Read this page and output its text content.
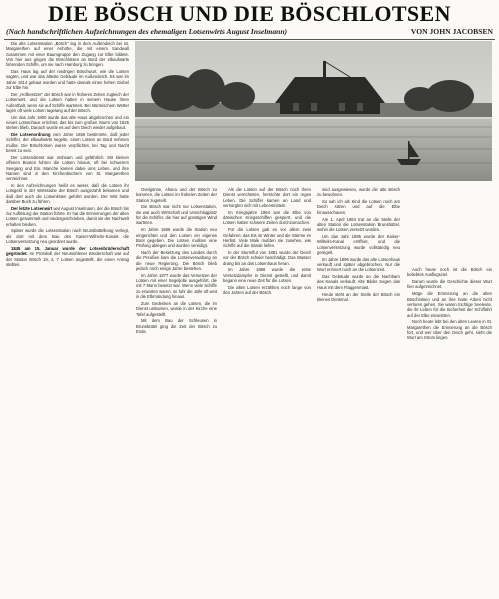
DIE BÖSCH UND DIE BÖSCHLOTSEN
(Nach handschriftlichen Aufzeichnungen des ehemaligen Lotsenwirts August Inselmann)	VON JOHN JACOBSEN

Die alte Lotsenstation „Bösch" lag in dem Außendeich bei St. Margarethen auf einer Anhöhe, die mit einem Sandwall zusammen mit einer Baumgruppe den Zugang zur Elbe bildete. Von hier aus gingen die Böschlotsen an Bord der elbaufwärts fahrenden Schiffe, um sie nach Hamburg zu bringen.

Das Haus lag auf der niedrigen Böschwurt, wie die Lotsen sagten, und war das älteste Gebäude im Außendeich. Es war im Jahre 1614 gebaut worden und hatte damals einen hohen Giebel zur Elbe hin.

Der „Hofbesitzer" der Bösch war in früheren Zeiten zugleich der Lotsenwirt, und die Lotsen hatten in seinem Hause ihren Aufenthalt, wenn sie auf Schiffe warteten. Bei stürmischem Wetter lagen oft viele Lotsen tagelang auf der Bösch.

Um das Jahr 1800 wurde das alte Haus abgebrochen und ein neues Lotsenhaus errichtet, das bis zum großen Sturm von 1825 stehen blieb. Danach wurde es auf dem Deich wieder aufgebaut.

Die Lotsenordnung vom Jahre 1656 bestimmte, daß jeder Schiffer, der elbaufwärts segelte, einen Lotsen an Bord nehmen mußte. Die Böschlotsen waren verpflichtet, bei Tag und Nacht bereit zu sein.

Der Lotsendienst war mühsam und gefährlich. Mit kleinen offenen Booten fuhren die Lotsen hinaus, oft bei schwerem Seegang und Eis. Manche kamen dabei ums Leben, und ihre Namen sind in den Kirchenbüchern von St. Margarethen verzeichnet.

In den Aufzeichnungen heißt es weiter, daß die Lotsen ihr Lotsgeld in der Wirtsstube der Bösch ausgezahlt bekamen und daß dort auch die Lotsenlisten geführt wurden. Der Wirt hatte darüber Buch zu führen.

Der letzte Lotsenwirt war August Inselmann, der die Bösch bis zur Auflösung der Station führte. Er hat die Erinnerungen der alten Lotsen gesammelt und niedergeschrieben, damit sie der Nachwelt erhalten bleiben.

Später wurde die Lotsenstation nach Brunsbüttelkoog verlegt, als dort mit dem Bau des Kaiser-Wilhelm-Kanals die Lotsenversetzung neu geordnet wurde.

1845 am 15. Januar wurde der Lotsenbrüderschaft gegründet. Im Protokoll der Neumühlener Brüderschaft war auf der Station Bösch 19, 4, 7 Lotsen angestellt, die einen Antrag stellten.

Ovelgönne, Altona und der Bösch zu kommen, die Lotsen im früheren Zeiten der Station zugeteilt.

Die Bösch war nicht nur Lotsenstation, sie war auch Wirtschaft und Umschlagplatz für die Schiffer, die hier auf günstigen Wind warteten.

Im Jahre 1866 wurde die Station neu eingerichtet und den Lotsen ein eigenes Boot gegeben. Die Lotsen mußten eine Prüfung ablegen und wurden vereidigt.

Nach der Besetzung des Landes durch die Preußen kam die Lotsenverwaltung an die neue Regierung. Die Bösch blieb jedoch noch einige Jahre bestehen.

Im Jahre 1877 wurde das Versetzen der Lotsen mit einer Segeljolle ausgeführt, die mit 7 Mann besetzt war. Wenn viele Schiffe zu erwarten waren, so fuhr die Jolle oft weit in die Elbmündung hinaus.

Zum Gedenken an die Lotsen, die im Dienst umkamen, wurde in der Kirche eine Tafel aufgestellt.

Mit dem Bau der Schleusen in Brunsbüttel ging die Zeit der Bösch zu Ende.

Als die Lotsen auf der Bösch noch ihren Dienst verrichteten, herrschte dort ein reges Leben. Die Schiffer kamen an Land und versorgten sich mit Lebensmitteln.

Im Kriegsjahre 1864 war die Elbe von dänischen Kriegsschiffen gesperrt, und die Lotsen hatten schwere Zeiten durchzumachen.

Für die Lotsen gab es vor allem zwei Gefahren: das Eis im Winter und die Stürme im Herbst. Viele Male mußten sie zusehen, wie Schiffe auf die Sände liefen.

In der Sturmflut von 1881 wurde der Deich vor der Bösch schwer beschädigt. Das Wasser drang bis an das Lotsenhaus heran.

Im Jahre 1888 wurde die erste Versetzdampfer in Dienst gestellt, und damit begann eine neue Zeit für die Lotsen.

Die alten Lotsen erzählten noch lange von den Jahren auf der Bösch.

sind ausgewiesen, wurde die alte Bösch zu bewohnen.

So sah ich als Kind die Lotsen noch am Deich sitzen und auf die Elbe hinausschauen.

Am 1. April 1884 trat an die Stelle der alten Station die Lotsenstation Brunsbüttel, wohin die Lotsen versetzt wurden.

Um das Jahr 1895 wurde der Kaiser-Wilhelm-Kanal eröffnet, und die Lotsenversetzung wurde vollständig neu geregelt.

Im Jahre 1896 wurde das alte Lotsenhaus verkauft und später abgebrochen. Nur die Wurt erinnert noch an die Lotsenzeit.

Das Gebäude wurde an die Nachbarn des Kanals verkauft. Alte Bilder zeigen das Haus mit dem Flaggenmast.

Heute steht an der Stelle der Bösch ein kleines Denkmal.

Auch heute noch ist die Bösch ein beliebtes Ausflugsziel.

Darum wurde die Geschichte dieser Wurt hier aufgezeichnet.

Möge die Erinnerung an die alten Böschlotsen und an ihre harte Arbeit nicht verloren gehen. Sie waren tüchtige Seeleute, die ihr Leben für die Sicherheit der Schiffahrt auf der Elbe einsetzten.

Noch heute lebt bei den alten Leuten in St. Margarethen die Erinnerung an die Bösch fort, und wer über den Deich geht, sieht die Wurt am Strom liegen.
